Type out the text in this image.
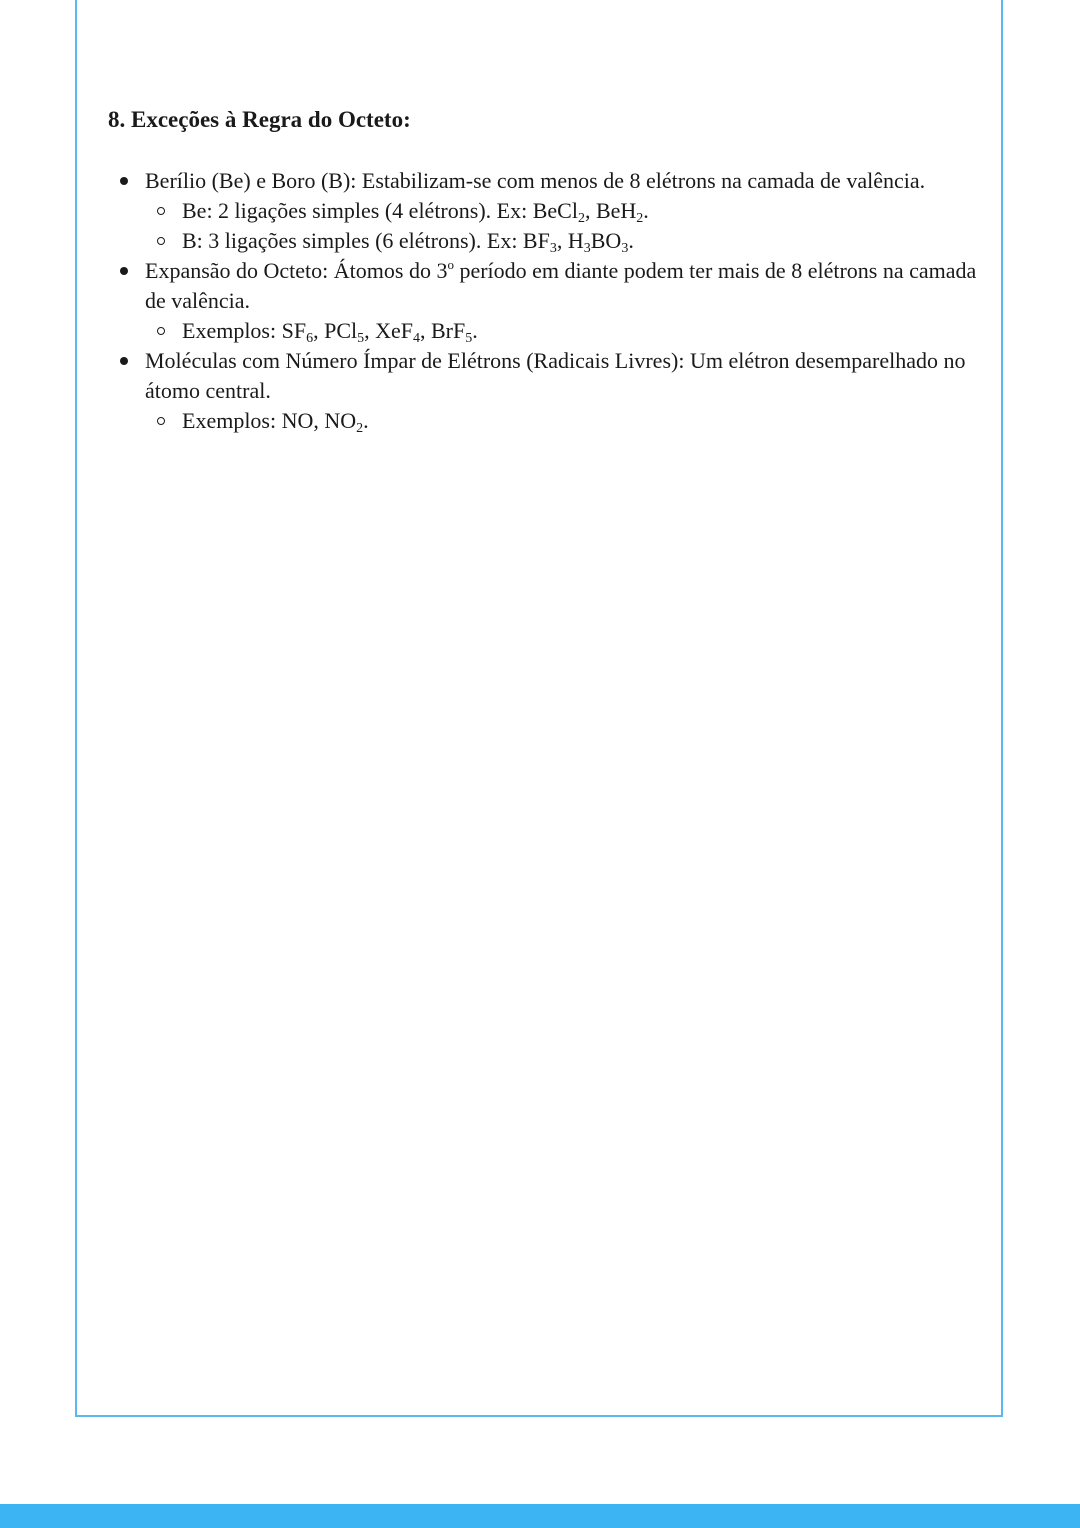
8. Exceções à Regra do Octeto:
Berílio (Be) e Boro (B): Estabilizam-se com menos de 8 elétrons na camada de valência.
Be: 2 ligações simples (4 elétrons). Ex: BeCl$_2$, BeH$_2$.
B: 3 ligações simples (6 elétrons). Ex: $BF_3$, $H_3BO_3$.
Expansão do Octeto: Átomos do 3$^o$ período em diante podem ter mais de 8 elétrons na camada de valência.
Exemplos: $SF_6$, PCl$_5$, XeF$_4$, BrF$_5$.
Moléculas com Número Ímpar de Elétrons (Radicais Livres): Um elétron desemparelhado no átomo central.
Exemplos: NO, $NO_2$.
